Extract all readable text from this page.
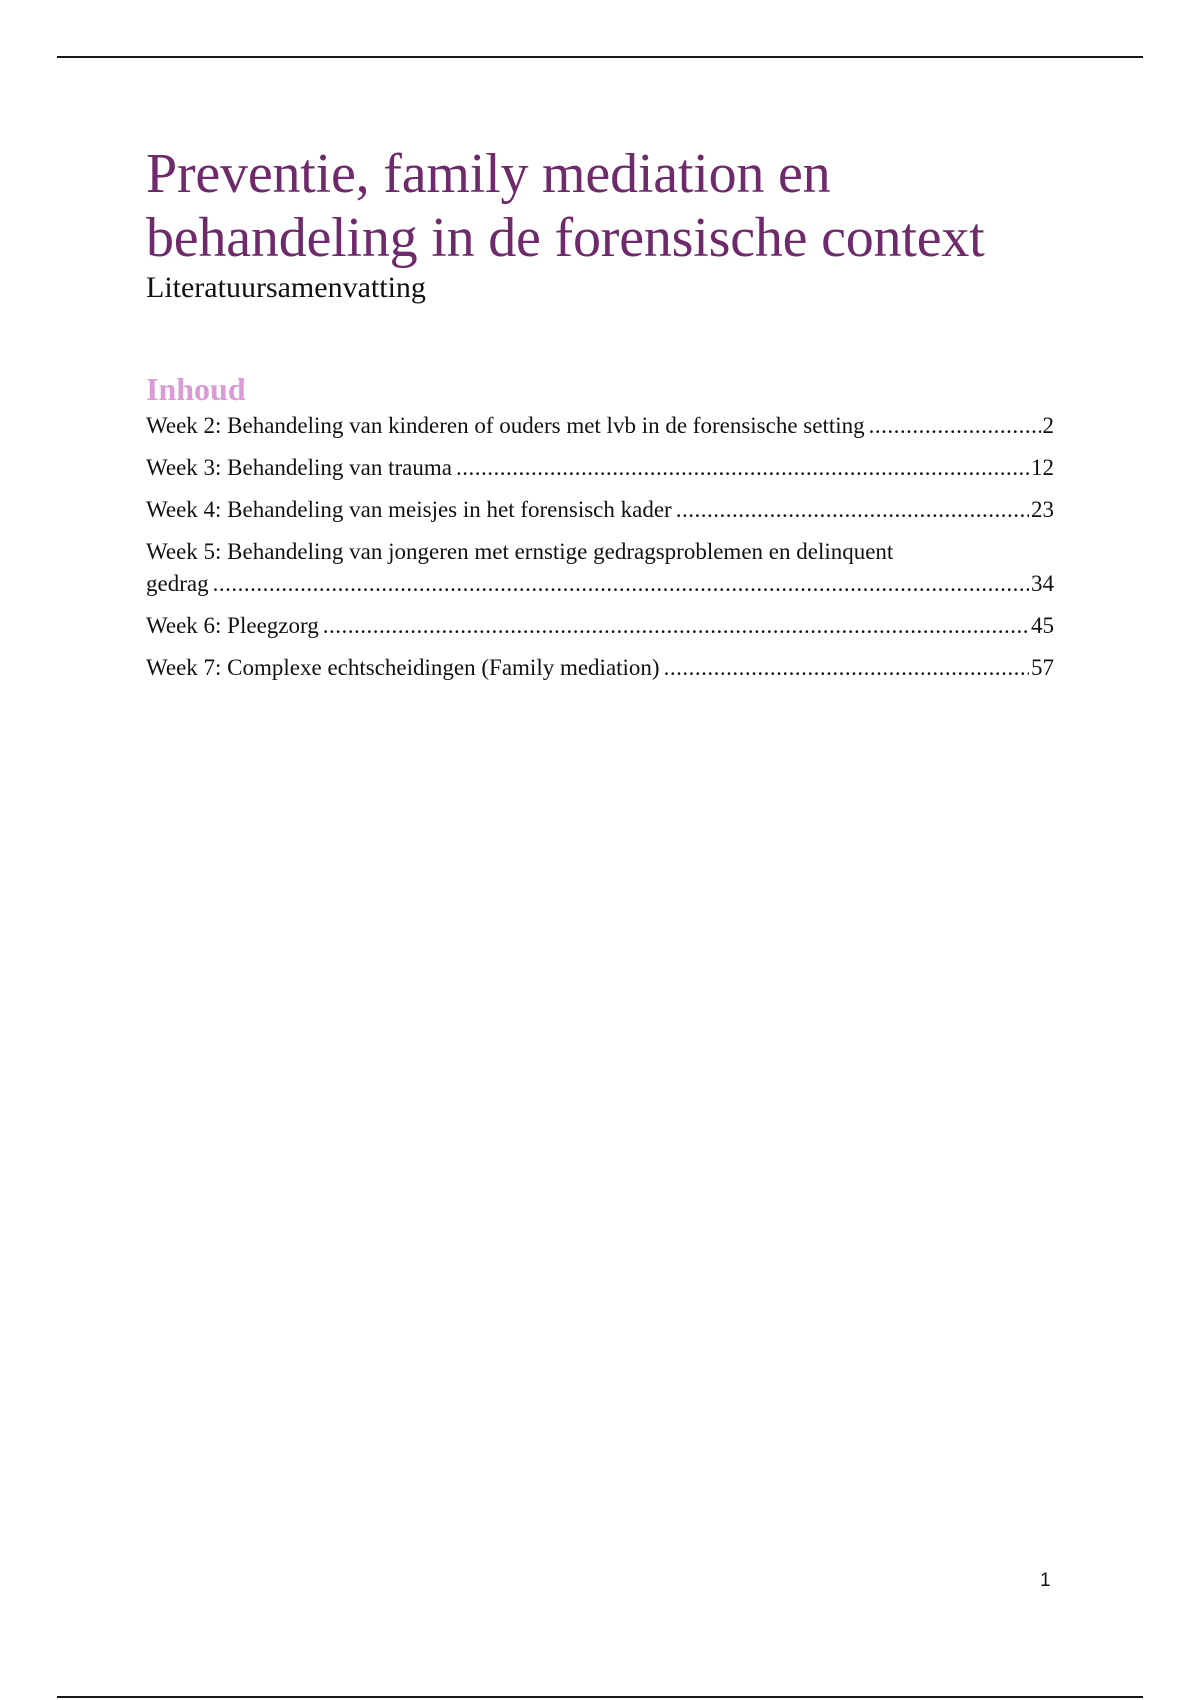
Preventie, family mediation en
behandeling in de forensische context
Literatuursamenvatting
Inhoud
Week 2: Behandeling van kinderen of ouders met lvb in de forensische setting .....	2
Week 3: Behandeling van trauma .....	12
Week 4: Behandeling van meisjes in het forensisch kader .....	23
Week 5: Behandeling van jongeren met ernstige gedragsproblemen en delinquent
gedrag .....	34
Week 6: Pleegzorg .....	45
Week 7: Complexe echtscheidingen (Family mediation) .....	57
1
